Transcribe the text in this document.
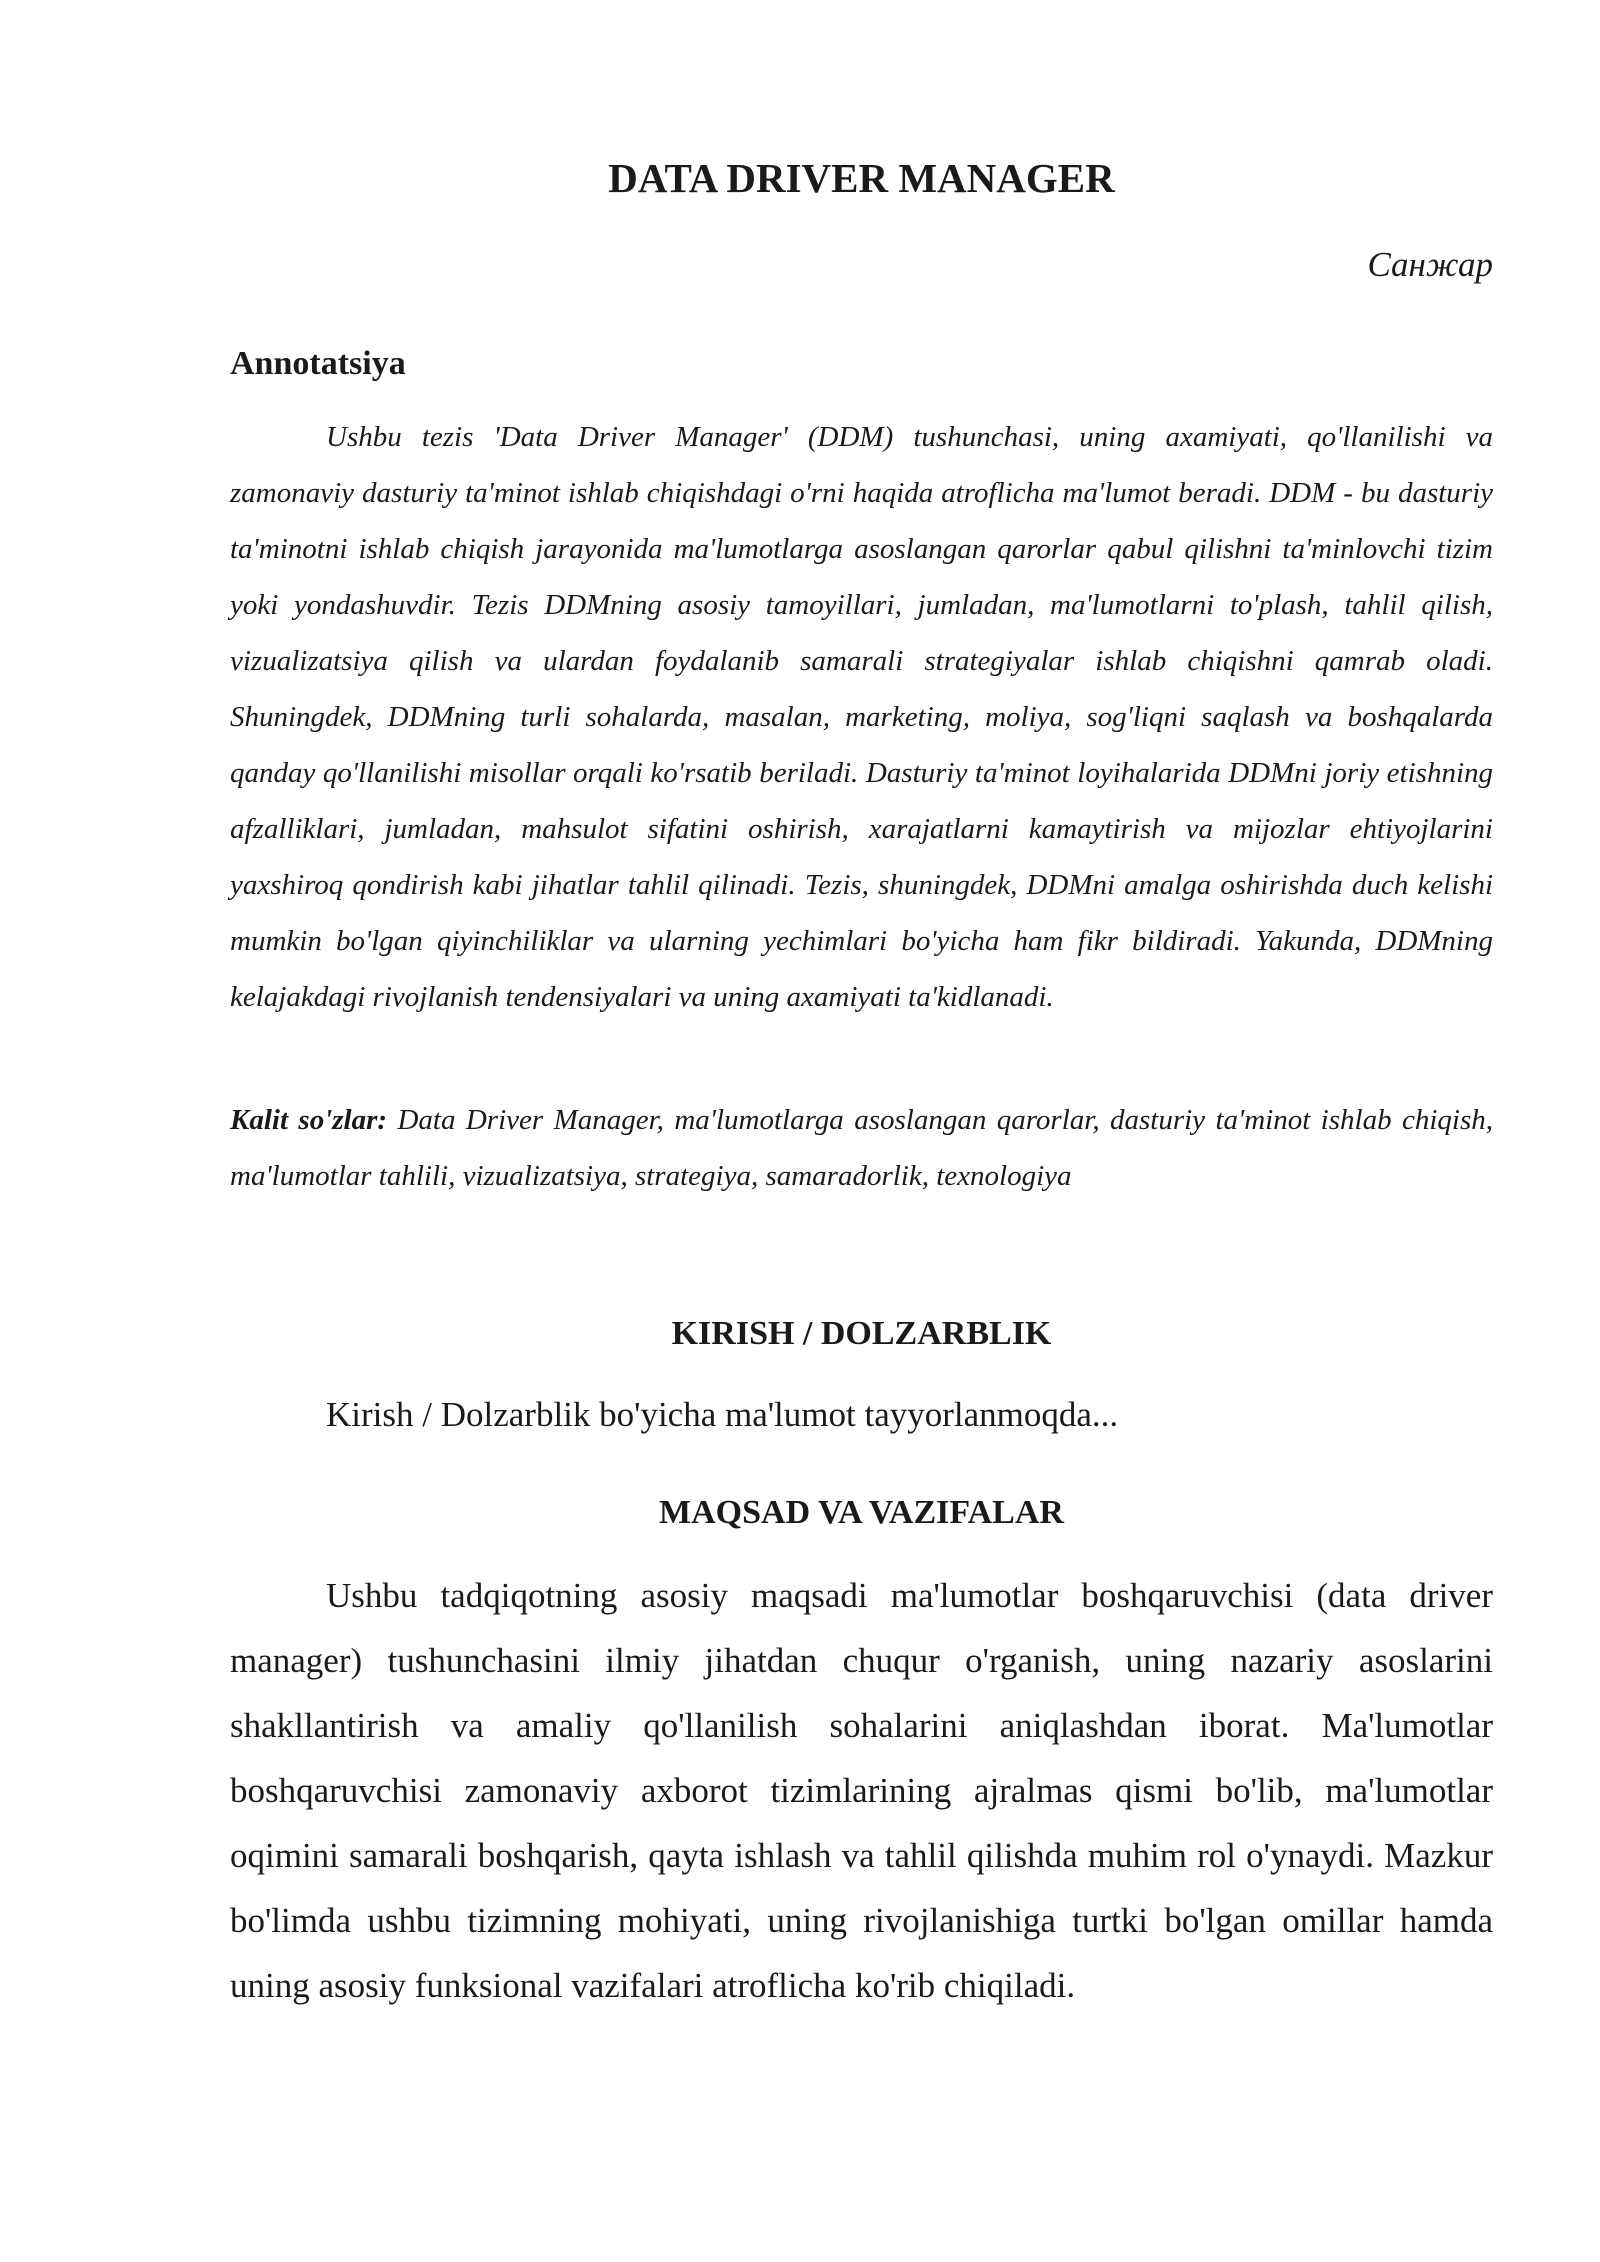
DATA DRIVER MANAGER

Санжар

Annotatsiya

Ushbu tezis 'Data Driver Manager' (DDM) tushunchasi, uning axamiyati, qo'llanilishi va zamonaviy dasturiy ta'minot ishlab chiqishdagi o'rni haqida atroflicha ma'lumot beradi. DDM - bu dasturiy ta'minotni ishlab chiqish jarayonida ma'lumotlarga asoslangan qarorlar qabul qilishni ta'minlovchi tizim yoki yondashuvdir. Tezis DDMning asosiy tamoyillari, jumladan, ma'lumotlarni to'plash, tahlil qilish, vizualizatsiya qilish va ulardan foydalanib samarali strategiyalar ishlab chiqishni qamrab oladi. Shuningdek, DDMning turli sohalarda, masalan, marketing, moliya, sog'liqni saqlash va boshqalarda qanday qo'llanilishi misollar orqali ko'rsatib beriladi. Dasturiy ta'minot loyihalarida DDMni joriy etishning afzalliklari, jumladan, mahsulot sifatini oshirish, xarajatlarni kamaytirish va mijozlar ehtiyojlarini yaxshiroq qondirish kabi jihatlar tahlil qilinadi. Tezis, shuningdek, DDMni amalga oshirishda duch kelishi mumkin bo'lgan qiyinchiliklar va ularning yechimlari bo'yicha ham fikr bildiradi. Yakunda, DDMning kelajakdagi rivojlanish tendensiyalari va uning axamiyati ta'kidlanadi.

Kalit so'zlar: Data Driver Manager, ma'lumotlarga asoslangan qarorlar, dasturiy ta'minot ishlab chiqish, ma'lumotlar tahlili, vizualizatsiya, strategiya, samaradorlik, texnologiya

KIRISH / DOLZARBLIK

Kirish / Dolzarblik bo'yicha ma'lumot tayyorlanmoqda...

MAQSAD VA VAZIFALAR

Ushbu tadqiqotning asosiy maqsadi ma'lumotlar boshqaruvchisi (data driver manager) tushunchasini ilmiy jihatdan chuqur o'rganish, uning nazariy asoslarini shakllantirish va amaliy qo'llanilish sohalarini aniqlashdan iborat. Ma'lumotlar boshqaruvchisi zamonaviy axborot tizimlarining ajralmas qismi bo'lib, ma'lumotlar oqimini samarali boshqarish, qayta ishlash va tahlil qilishda muhim rol o'ynaydi. Mazkur bo'limda ushbu tizimning mohiyati, uning rivojlanishiga turtki bo'lgan omillar hamda uning asosiy funksional vazifalari atroflicha ko'rib chiqiladi.
